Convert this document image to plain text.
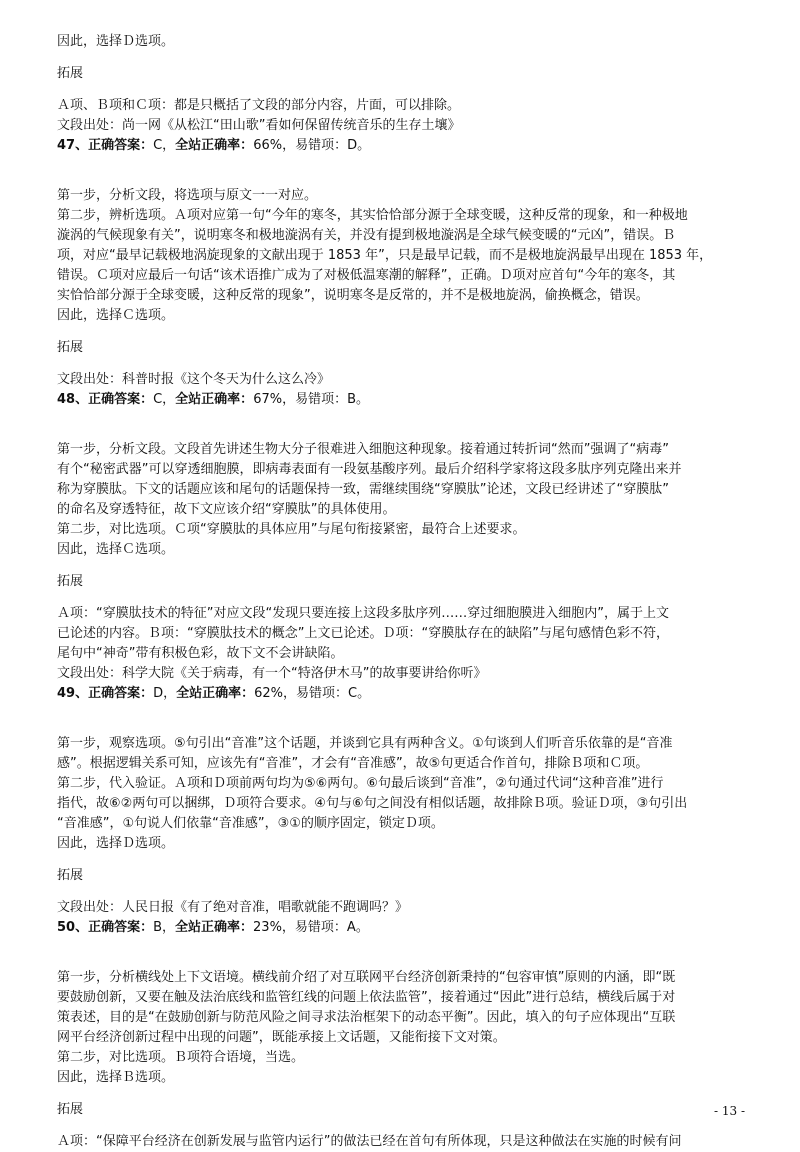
因此，选择Ｄ选项。

拓展

Ａ项、Ｂ项和Ｃ项：都是只概括了文段的部分内容，片面，可以排除。

文段出处：尚一网《从松江“田山歌”看如何保留传统音乐的生存土壤》

47、正确答案：C，全站正确率：66%，易错项：D。

第一步，分析文段，将选项与原文一一对应。

第二步，辨析选项。Ａ项对应第一句“今年的寒冬，其实恰恰部分源于全球变暖，这种反常的现象，和一种极地

漩涡的气候现象有关”，说明寒冬和极地漩涡有关，并没有提到极地漩涡是全球气候变暖的“元凶”，错误。Ｂ

项，对应“最早记载极地涡旋现象的文献出现于 1853 年”，只是最早记载，而不是极地旋涡最早出现在 1853 年，

错误。Ｃ项对应最后一句话“该术语推广成为了对极低温寒潮的解释”，正确。Ｄ项对应首句“今年的寒冬，其

实恰恰部分源于全球变暖，这种反常的现象”，说明寒冬是反常的，并不是极地旋涡，偷换概念，错误。

因此，选择Ｃ选项。

拓展

文段出处：科普时报《这个冬天为什么这么冷》

48、正确答案：C，全站正确率：67%，易错项：B。

第一步，分析文段。文段首先讲述生物大分子很难进入细胞这种现象。接着通过转折词“然而”强调了“病毒”

有个“秘密武器”可以穿透细胞膜，即病毒表面有一段氨基酸序列。最后介绍科学家将这段多肽序列克隆出来并

称为穿膜肽。下文的话题应该和尾句的话题保持一致，需继续围绕“穿膜肽”论述，文段已经讲述了“穿膜肽”

的命名及穿透特征，故下文应该介绍“穿膜肽”的具体使用。

第二步，对比选项。Ｃ项“穿膜肽的具体应用”与尾句衔接紧密，最符合上述要求。

因此，选择Ｃ选项。

拓展

Ａ项：“穿膜肽技术的特征”对应文段“发现只要连接上这段多肽序列……穿过细胞膜进入细胞内”，属于上文

已论述的内容。Ｂ项：“穿膜肽技术的概念”上文已论述。Ｄ项：“穿膜肽存在的缺陷”与尾句感情色彩不符，

尾句中“神奇”带有积极色彩，故下文不会讲缺陷。

文段出处：科学大院《关于病毒，有一个“特洛伊木马”的故事要讲给你听》

49、正确答案：D，全站正确率：62%，易错项：C。

第一步，观察选项。⑤句引出“音准”这个话题，并谈到它具有两种含义。①句谈到人们听音乐依靠的是“音准

感”。根据逻辑关系可知，应该先有“音准”，才会有“音准感”，故⑤句更适合作首句，排除Ｂ项和Ｃ项。

第二步，代入验证。Ａ项和Ｄ项前两句均为⑤⑥两句。⑥句最后谈到“音准”，②句通过代词“这种音准”进行

指代，故⑥②两句可以捆绑，Ｄ项符合要求。④句与⑥句之间没有相似话题，故排除Ｂ项。验证Ｄ项，③句引出

“音准感”，①句说人们依靠“音准感”，③①的顺序固定，锁定Ｄ项。

因此，选择Ｄ选项。

拓展

文段出处：人民日报《有了绝对音准，唱歌就能不跑调吗？》

50、正确答案：B，全站正确率：23%，易错项：A。

第一步，分析横线处上下文语境。横线前介绍了对互联网平台经济创新秉持的“包容审慎”原则的内涵，即“既

要鼓励创新，又要在触及法治底线和监管红线的问题上依法监管”，接着通过“因此”进行总结，横线后属于对

策表述，目的是“在鼓励创新与防范风险之间寻求法治框架下的动态平衡”。因此，填入的句子应体现出“互联

网平台经济创新过程中出现的问题”，既能承接上文话题，又能衔接下文对策。

第二步，对比选项。Ｂ项符合语境，当选。

因此，选择Ｂ选项。

拓展

Ａ项：“保障平台经济在创新发展与监管内运行”的做法已经在首句有所体现，只是这种做法在实施的时候有问

- 13 -
